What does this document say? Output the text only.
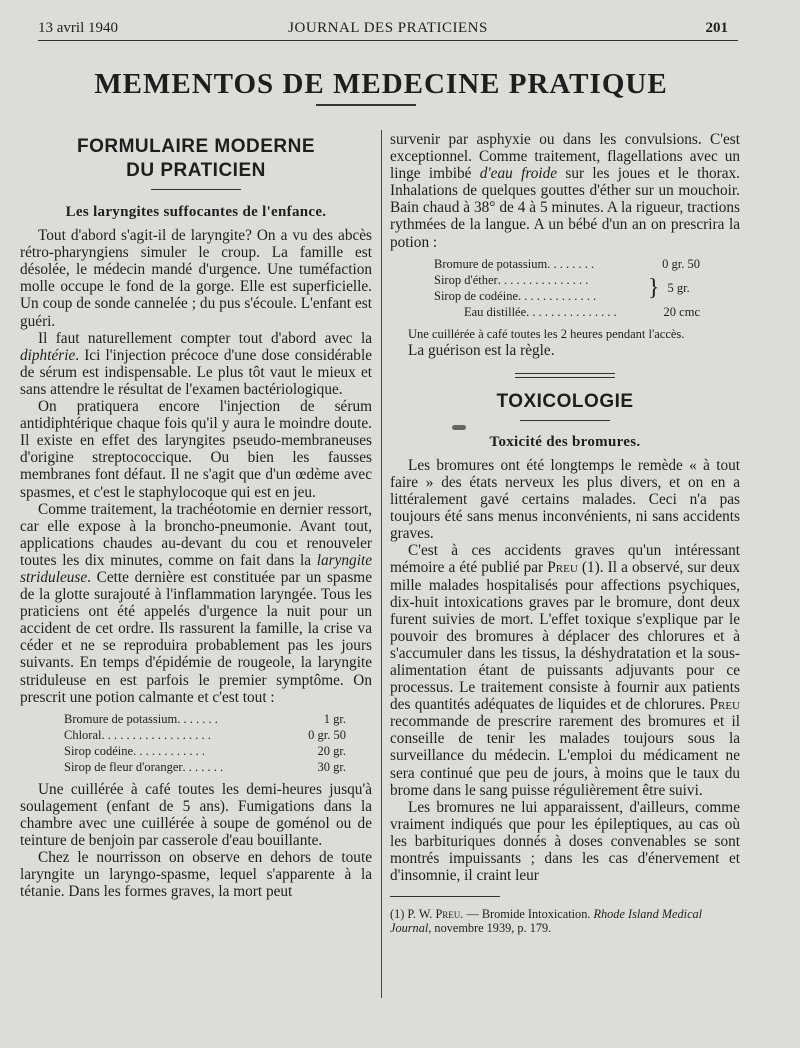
13 avril 1940	JOURNAL DES PRATICIENS	201
MEMENTOS DE MEDECINE PRATIQUE
FORMULAIRE MODERNE
DU PRATICIEN
Les laryngites suffocantes de l'enfance.

Tout d'abord s'agit-il de laryngite? On a vu des abcès rétro-pharyngiens simuler le croup. La famille est désolée, le médecin mandé d'urgence. Une tuméfaction molle occupe le fond de la gorge. Elle est superficielle. Un coup de sonde cannelée ; du pus s'écoule. L'enfant est guéri.

Il faut naturellement compter tout d'abord avec la diphtérie. Ici l'injection précoce d'une dose considérable de sérum est indispensable. Le plus tôt vaut le mieux et sans attendre le résultat de l'examen bactériologique.

On pratiquera encore l'injection de sérum antidiphtérique chaque fois qu'il y aura le moindre doute. Il existe en effet des laryngites pseudo-membraneuses d'origine streptococcique. Ou bien les fausses membranes font défaut. Il ne s'agit que d'un œdème avec spasmes, et c'est le staphylocoque qui est en jeu.

Comme traitement, la trachéotomie en dernier ressort, car elle expose à la broncho-pneumonie. Avant tout, applications chaudes au-devant du cou et renouveler toutes les dix minutes, comme on fait dans la laryngite striduleuse. Cette dernière est constituée par un spasme de la glotte surajouté à l'inflammation laryngée. Tous les praticiens ont été appelés d'urgence la nuit pour un accident de cet ordre. Ils rassurent la famille, la crise va céder et ne se reproduira probablement pas les jours suivants. En temps d'épidémie de rougeole, la laryngite striduleuse en est parfois le premier symptôme. On prescrit une potion calmante et c'est tout :

Bromure de potassium . . . . . . .	1 gr.
Chloral . . . . . . . . . . . . . . . . . .	0 gr. 50
Sirop codéine . . . . . . . . . . . .	20 gr.
Sirop de fleur d'oranger . . . . . . .	30 gr.

Une cuillérée à café toutes les demi-heures jusqu'à soulagement (enfant de 5 ans). Fumigations dans la chambre avec une cuillérée à soupe de goménol ou de teinture de benjoin par casserole d'eau bouillante.

Chez le nourrisson on observe en dehors de toute laryngite un laryngo-spasme, lequel s'apparente à la tétanie. Dans les formes graves, la mort peut

survenir par asphyxie ou dans les convulsions. C'est exceptionnel. Comme traitement, flagellations avec un linge imbibé d'eau froide sur les joues et le thorax. Inhalations de quelques gouttes d'éther sur un mouchoir. Bain chaud à 38° de 4 à 5 minutes. A la rigueur, tractions rythmées de la langue. A un bébé d'un an on prescrira la potion :

Bromure de potassium . . . . . . . .	0 gr. 50
Sirop d'éther . . . . . . . . . . . . . . .
Sirop de codéine . . . . . . . . . . . . . } 5 gr.
Eau distillée . . . . . . . . . . . . . . .	20 cmc

Une cuillérée à café toutes les 2 heures pendant l'accès.

La guérison est la règle.

TOXICOLOGIE
Toxicité des bromures.

Les bromures ont été longtemps le remède « à tout faire » des états nerveux les plus divers, et on en a littéralement gavé certains malades. Ceci n'a pas toujours été sans menus inconvénients, ni sans accidents graves.

C'est à ces accidents graves qu'un intéressant mémoire a été publié par Preu (1). Il a observé, sur deux mille malades hospitalisés pour affections psychiques, dix-huit intoxications graves par le bromure, dont deux furent suivies de mort. L'effet toxique s'explique par le pouvoir des bromures à déplacer des chlorures et à s'accumuler dans les tissus, la déshydratation et la sous-alimentation étant de puissants adjuvants pour ce processus. Le traitement consiste à fournir aux patients des quantités adéquates de liquides et de chlorures. Preu recommande de prescrire rarement des bromures et il conseille de tenir les malades toujours sous la surveillance du médecin. L'emploi du médicament ne sera continué que peu de jours, à moins que le taux du brome dans le sang puisse régulièrement être suivi.

Les bromures ne lui apparaissent, d'ailleurs, comme vraiment indiqués que pour les épileptiques, au cas où les barbituriques donnés à doses convenables se sont montrés impuissants ; dans les cas d'énervement et d'insomnie, il craint leur

(1) P. W. Preu. — Bromide Intoxication. Rhode Island Medical Journal, novembre 1939, p. 179.
